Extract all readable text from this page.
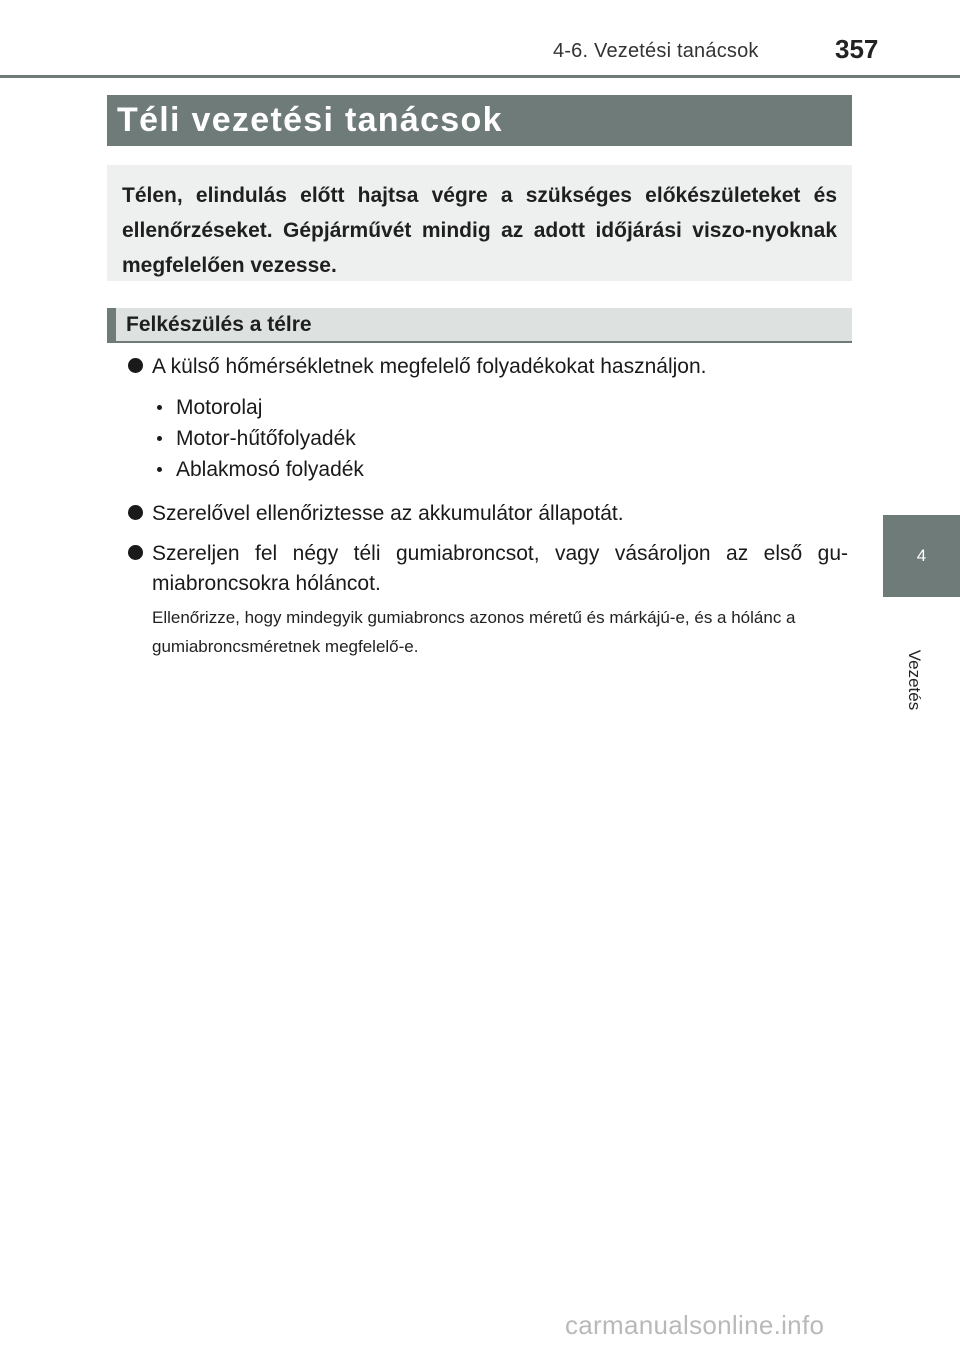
4-6. Vezetési tanácsok	357
Téli vezetési tanácsok

Télen, elindulás előtt hajtsa végre a szükséges előkészületeket és ellenőrzéseket. Gépjárművét mindig az adott időjárási viszo-nyoknak megfelelően vezesse.

Felkészülés a télre
A külső hőmérsékletnek megfelelő folyadékokat használjon.
Motorolaj
Motor-hűtőfolyadék
Ablakmosó folyadék
Szerelővel ellenőriztesse az akkumulátor állapotát.
Szereljen fel négy téli gumiabroncsot, vagy vásároljon az első gu-miabroncsokra hóláncot.
Ellenőrizze, hogy mindegyik gumiabroncs azonos méretű és márkájú-e, és a hólánc a gumiabroncsméretnek megfelelő-e.
4
Vezetés
carmanualsonline.info
